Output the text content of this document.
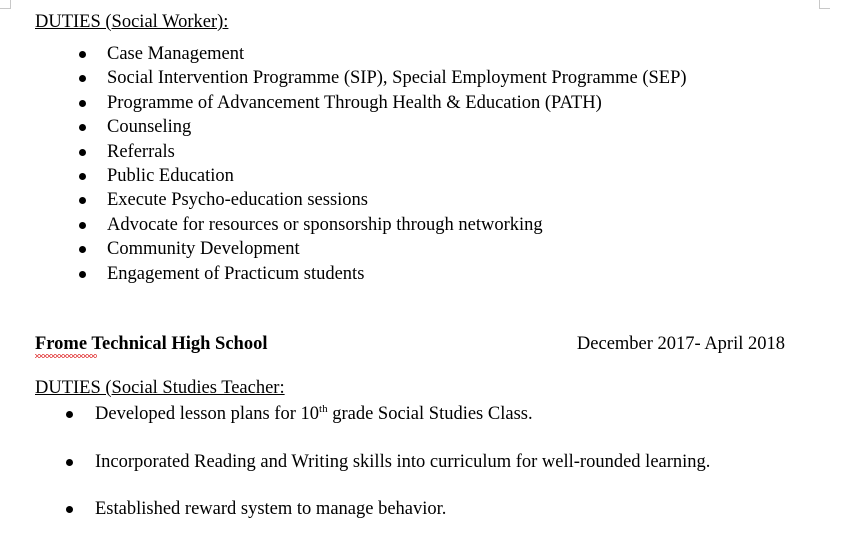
DUTIES (Social Worker):
Case Management
Social Intervention Programme (SIP), Special Employment Programme (SEP)
Programme of Advancement Through Health & Education (PATH)
Counseling
Referrals
Public Education
Execute Psycho-education sessions
Advocate for resources or sponsorship through networking
Community Development
Engagement of Practicum students
Frome Technical High School	December 2017- April 2018
DUTIES (Social Studies Teacher:
Developed lesson plans for 10th grade Social Studies Class.
Incorporated Reading and Writing skills into curriculum for well-rounded learning.
Established reward system to manage behavior.
